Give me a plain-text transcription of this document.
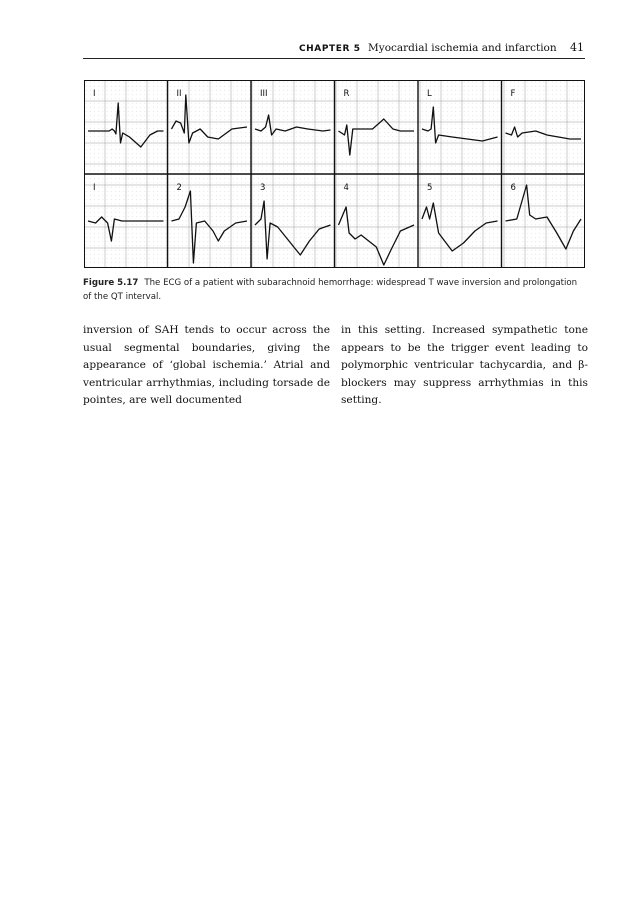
CHAPTER 5 Myocardial ischemia and infarction 41
I	II	III	R	L	F
I	2	3	4	5	6
Figure 5.17 The ECG of a patient with subarachnoid hemorrhage: widespread T wave inversion and prolongation of the QT interval.

inversion of SAH tends to occur across the usual segmental boundaries, giving the appearance of ‘global ischemia.’ Atrial and ventricular arrhythmias, including torsade de pointes, are well documented

in this setting. Increased sympathetic tone appears to be the trigger event leading to polymorphic ventricular tachycardia, and β-blockers may suppress arrhythmias in this setting.
